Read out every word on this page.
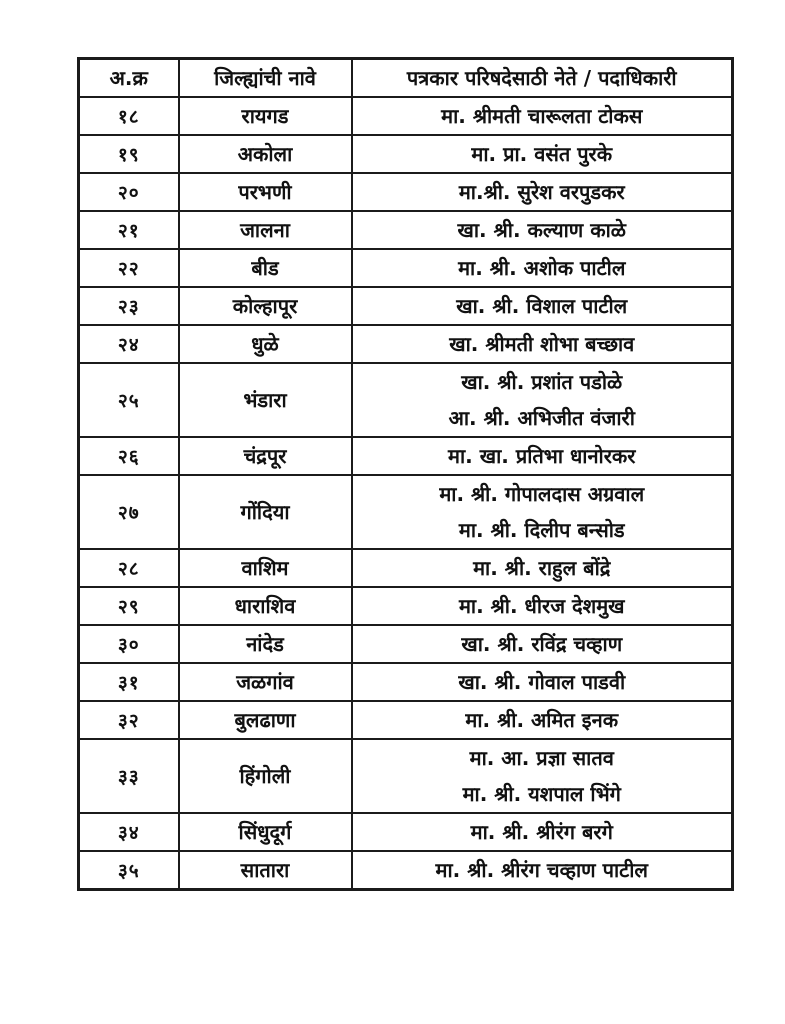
अ.क्र	जिल्ह्यांची नावे	पत्रकार परिषदेसाठी नेते / पदाधिकारी
१८	रायगड	मा. श्रीमती चारूलता टोकस

१९	अकोला	मा. प्रा. वसंत पुरके

२०	परभणी	मा.श्री. सुरेश वरपुडकर

२१	जालना	खा. श्री. कल्याण काळे

२२	बीड	मा. श्री. अशोक पाटील

२३	कोल्हापूर	खा. श्री. विशाल पाटील

२४	धुळे	खा. श्रीमती शोभा बच्छाव

२५	भंडारा	खा. श्री. प्रशांत पडोळे
आ. श्री. अभिजीत वंजारी

२६	चंद्रपूर	मा. खा. प्रतिभा धानोरकर

२७	गोंदिया	मा. श्री. गोपालदास अग्रवाल
मा. श्री. दिलीप बन्सोड

२८	वाशिम	मा. श्री. राहुल बोंद्रे

२९	धाराशिव	मा. श्री. धीरज देशमुख

३०	नांदेड	खा. श्री. रविंद्र चव्हाण

३१	जळगांव	खा. श्री. गोवाल पाडवी

३२	बुलढाणा	मा. श्री. अमित इनक

३३	हिंगोली	मा. आ. प्रज्ञा सातव
मा. श्री. यशपाल भिंगे

३४	सिंधुदूर्ग	मा. श्री. श्रीरंग बरगे

३५	सातारा	मा. श्री. श्रीरंग चव्हाण पाटील
